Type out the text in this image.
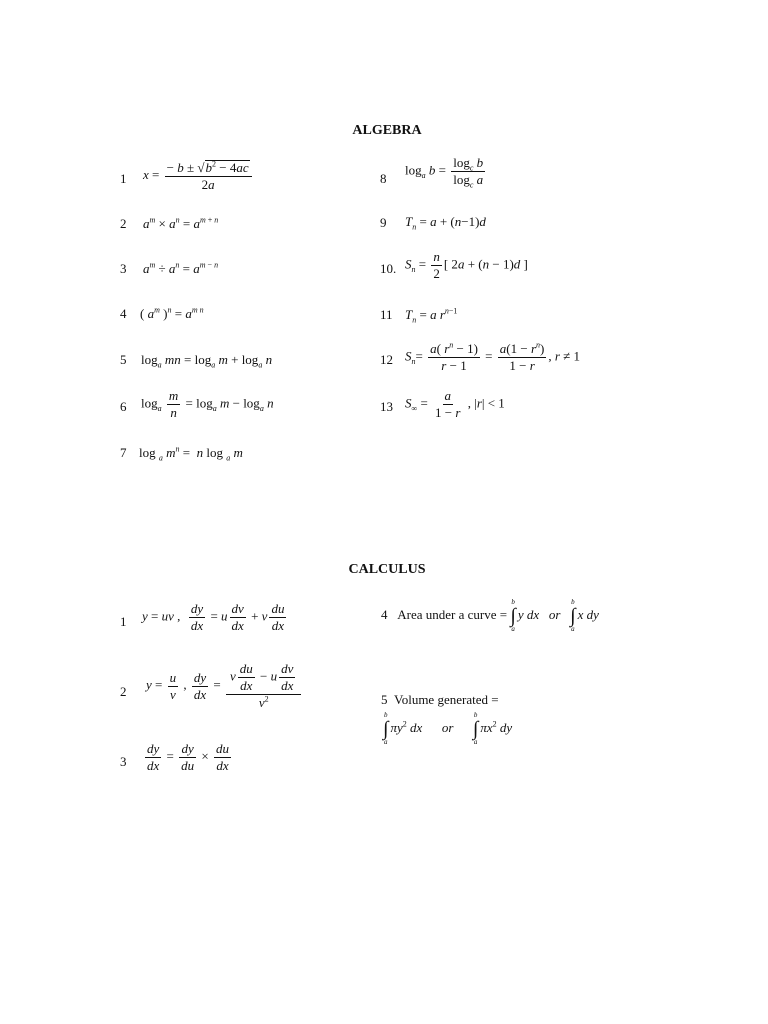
ALGEBRA
1
2
3
4
5
6
7
8
9
10.
11
12
13
$x = \frac{- b \pm √b^2 - 4ac}{2a}$
$a^m \times a^n = a^{m + n}$
$a^m \div a^n = a^{m - n}$
( $a^m$ )$^n = a^{m n}$
$\log_a$ mn = $\log_a m + \log_a n$
$\log_a \frac{m}{n} = \log_a m - \log_a n$
log $_a$ $m^n = n$ log $_a$ m
$\log_a b = \frac{\log_c b}{\log_c a}$
$T_n = a + (n-1)d$
$S_n = \frac{n}{2}$ [ 2a + (n − 1)d ]
$T_n = a$ $r^{n-1}$
$S_n= \frac{a( r^n - 1)}{r - 1} = \frac{a(1 - r^n)}{1 - r}$ , r ≠ 1
$S_\infty = \frac{a}{1 - r}$ , |r| < 1
CALCULUS
1
2
3
y = uv , $\frac{dy}{dx} = u \frac{dv}{dx} + v \frac{du}{dx}$
$y = \frac{u}{v}$ , $\frac{dy}{dx} = \frac{v \frac{du}{dx} - u \frac{dv}{dx}}{v^2}$
$\frac{dy}{dx} = \frac{dy}{du} \times \frac{du}{dx}$
4 Area under a curve =
b
∫
a
y dx or
b
∫
a
x dy
5 Volume generated =
b
∫
a
$\pi y^2$ dx or
b
∫
a
$\pi x^2$ dy
